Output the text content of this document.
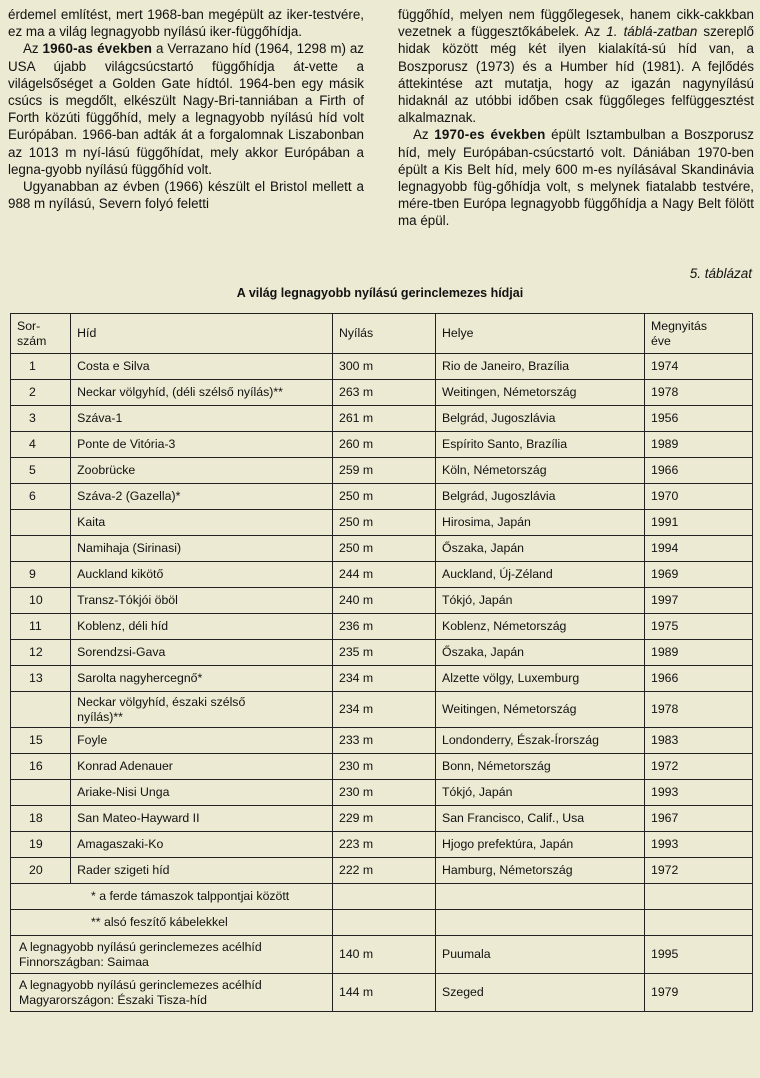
érdemel említést, mert 1968-ban megépült az iker-testvére, ez ma a világ legnagyobb nyílású iker-függőhídja.

Az 1960-as években a Verrazano híd (1964, 1298 m) az USA újabb világcsúcstartó függőhídja át-vette a világelsőséget a Golden Gate hídtól. 1964-ben egy másik csúcs is megdőlt, elkészült Nagy-Bri-tanniában a Firth of Forth közúti függőhíd, mely a legnagyobb nyílású híd volt Európában. 1966-ban adták át a forgalomnak Liszabonban az 1013 m nyí-lású függőhídat, mely akkor Európában a legna-gyobb nyílású függőhíd volt.

Ugyanabban az évben (1966) készült el Bristol mellett a 988 m nyílású, Severn folyó feletti

függőhíd, melyen nem függőlegesek, hanem cikk-cakkban vezetnek a függesztőkábelek. Az 1. táblá-zatban szereplő hidak között még két ilyen kialakítá-sú híd van, a Boszporusz (1973) és a Humber híd (1981). A fejlődés áttekintése azt mutatja, hogy az igazán nagynyílású hidaknál az utóbbi időben csak függőleges felfüggesztést alkalmaznak.

Az 1970-es években épült Isztambulban a Boszporusz híd, mely Európában-csúcstartó volt. Dániában 1970-ben épült a Kis Belt híd, mely 600 m-es nyílásával Skandinávia legnagyobb füg-gőhídja volt, s melynek fiatalabb testvére, mére-tben Európa legnagyobb függőhídja a Nagy Belt fölött ma épül.

5. táblázat
A világ legnagyobb nyílású gerinclemezes hídjai
Sor-
szám	Híd	Nyílás	Helye	Megnyitás
éve
1	Costa e Silva	300 m	Rio de Janeiro, Brazília	1974
2	Neckar völgyhíd, (déli szélső nyílás)**	263 m	Weitingen, Németország	1978
3	Száva-1	261 m	Belgrád, Jugoszlávia	1956
4	Ponte de Vitória-3	260 m	Espírito Santo, Brazília	1989
5	Zoobrücke	259 m	Köln, Németország	1966
6	Száva-2 (Gazella)*	250 m	Belgrád, Jugoszlávia	1970
	Kaita	250 m	Hirosima, Japán	1991
	Namihaja (Sirinasi)	250 m	Őszaka, Japán	1994
9	Auckland kikötő	244 m	Auckland, Új-Zéland	1969
10	Transz-Tókjói öböl	240 m	Tókjó, Japán	1997
11	Koblenz, déli híd	236 m	Koblenz, Németország	1975
12	Sorendzsi-Gava	235 m	Őszaka, Japán	1989
13	Sarolta nagyhercegnő*	234 m	Alzette völgy, Luxemburg	1966
	Neckar völgyhíd, északi szélső
nyílás)**	234 m	Weitingen, Németország	1978
15	Foyle	233 m	Londonderry, Észak-Írország	1983
16	Konrad Adenauer	230 m	Bonn, Németország	1972
	Ariake-Nisi Unga	230 m	Tókjó, Japán	1993
18	San Mateo-Hayward II	229 m	San Francisco, Calif., Usa	1967
19	Amagaszaki-Ko	223 m	Hjogo prefektúra, Japán	1993
20	Rader szigeti híd	222 m	Hamburg, Németország	1972
* a ferde támaszok talppontjai között				
** alsó feszítő kábelekkel				
A legnagyobb nyílású gerinclemezes acélhíd
Finnországban: Saimaa		140 m	Puumala	1995
A legnagyobb nyílású gerinclemezes acélhíd
Magyarországon: Északi Tisza-híd		144 m	Szeged	1979
